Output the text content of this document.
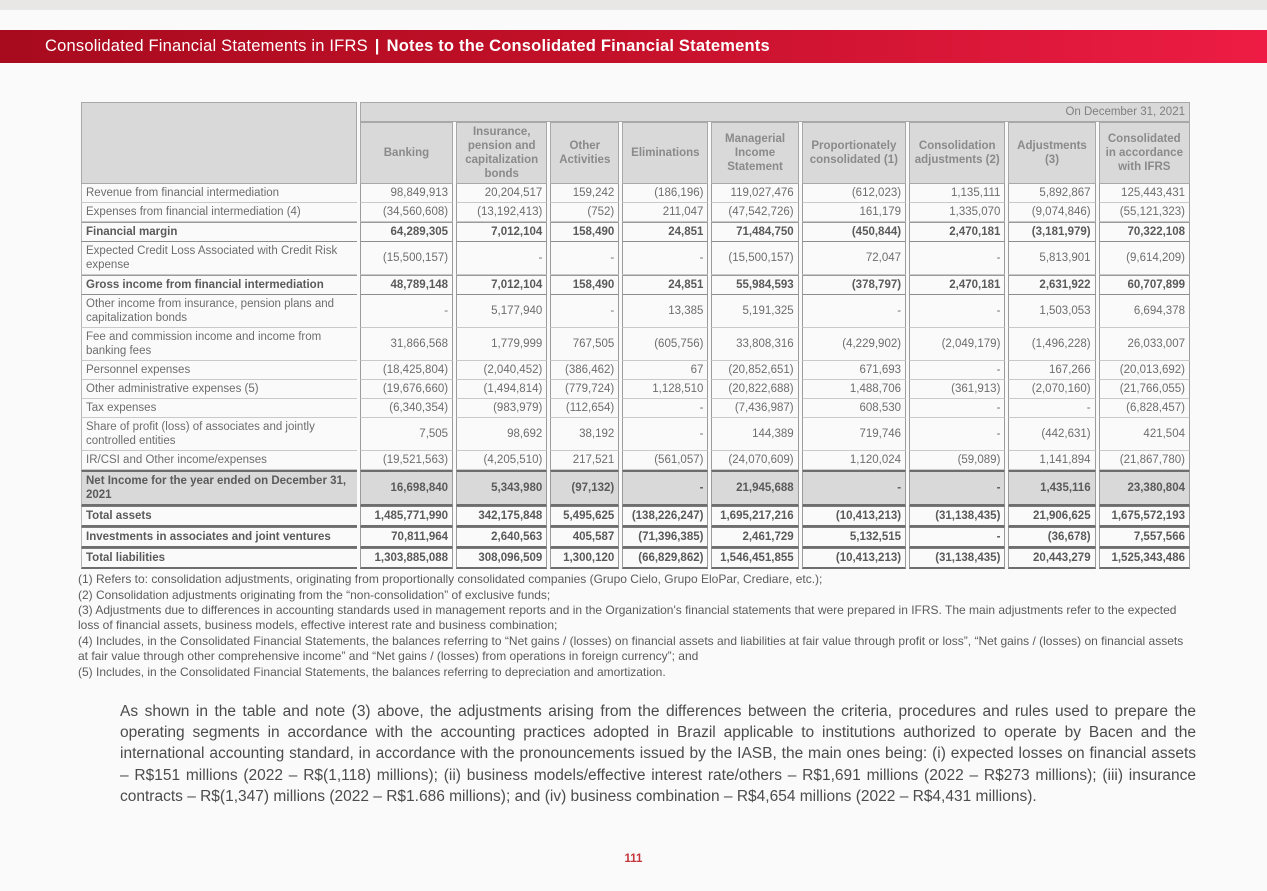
Consolidated Financial Statements in IFRS | Notes to the Consolidated Financial Statements
	On December 31, 2021								
	Banking	Insurance, pension and capitalization bonds	Other Activities	Eliminations	Managerial Income Statement	Proportionately consolidated (1)	Consolidation adjustments (2)	Adjustments (3)	Consolidated in accordance with IFRS
Revenue from financial intermediation	98,849,913	20,204,517	159,242	(186,196)	119,027,476	(612,023)	1,135,111	5,892,867	125,443,431
Expenses from financial intermediation (4)	(34,560,608)	(13,192,413)	(752)	211,047	(47,542,726)	161,179	1,335,070	(9,074,846)	(55,121,323)
Financial margin	64,289,305	7,012,104	158,490	24,851	71,484,750	(450,844)	2,470,181	(3,181,979)	70,322,108
Expected Credit Loss Associated with Credit Risk expense	(15,500,157)	-	-	-	(15,500,157)	72,047	-	5,813,901	(9,614,209)
Gross income from financial intermediation	48,789,148	7,012,104	158,490	24,851	55,984,593	(378,797)	2,470,181	2,631,922	60,707,899
Other income from insurance, pension plans and capitalization bonds	-	5,177,940	-	13,385	5,191,325	-	-	1,503,053	6,694,378
Fee and commission income and income from banking fees	31,866,568	1,779,999	767,505	(605,756)	33,808,316	(4,229,902)	(2,049,179)	(1,496,228)	26,033,007
Personnel expenses	(18,425,804)	(2,040,452)	(386,462)	67	(20,852,651)	671,693	-	167,266	(20,013,692)
Other administrative expenses (5)	(19,676,660)	(1,494,814)	(779,724)	1,128,510	(20,822,688)	1,488,706	(361,913)	(2,070,160)	(21,766,055)
Tax expenses	(6,340,354)	(983,979)	(112,654)	-	(7,436,987)	608,530	-	-	(6,828,457)
Share of profit (loss) of associates and jointly controlled entities	7,505	98,692	38,192	-	144,389	719,746	-	(442,631)	421,504
IR/CSI and Other income/expenses	(19,521,563)	(4,205,510)	217,521	(561,057)	(24,070,609)	1,120,024	(59,089)	1,141,894	(21,867,780)
Net Income for the year ended on December 31, 2021	16,698,840	5,343,980	(97,132)	-	21,945,688	-	-	1,435,116	23,380,804
Total assets	1,485,771,990	342,175,848	5,495,625	(138,226,247)	1,695,217,216	(10,413,213)	(31,138,435)	21,906,625	1,675,572,193
Investments in associates and joint ventures	70,811,964	2,640,563	405,587	(71,396,385)	2,461,729	5,132,515	-	(36,678)	7,557,566
Total liabilities	1,303,885,088	308,096,509	1,300,120	(66,829,862)	1,546,451,855	(10,413,213)	(31,138,435)	20,443,279	1,525,343,486
(1) Refers to: consolidation adjustments, originating from proportionally consolidated companies (Grupo Cielo, Grupo EloPar, Crediare, etc.);
(2) Consolidation adjustments originating from the “non-consolidation” of exclusive funds;
(3) Adjustments due to differences in accounting standards used in management reports and in the Organization's financial statements that were prepared in IFRS. The main adjustments refer to the expected loss of financial assets, business models, effective interest rate and business combination;
(4) Includes, in the Consolidated Financial Statements, the balances referring to “Net gains / (losses) on financial assets and liabilities at fair value through profit or loss”, “Net gains / (losses) on financial assets at fair value through other comprehensive income” and “Net gains / (losses) from operations in foreign currency”; and
(5) Includes, in the Consolidated Financial Statements, the balances referring to depreciation and amortization.
As shown in the table and note (3) above, the adjustments arising from the differences between the criteria, procedures and rules used to prepare the operating segments in accordance with the accounting practices adopted in Brazil applicable to institutions authorized to operate by Bacen and the international accounting standard, in accordance with the pronouncements issued by the IASB, the main ones being: (i) expected losses on financial assets – R$151 millions (2022 – R$(1,118) millions); (ii) business models/effective interest rate/others – R$1,691 millions (2022 – R$273 millions); (iii) insurance contracts – R$(1,347) millions (2022 – R$1.686 millions); and (iv) business combination – R$4,654 millions (2022 – R$4,431 millions).
111
